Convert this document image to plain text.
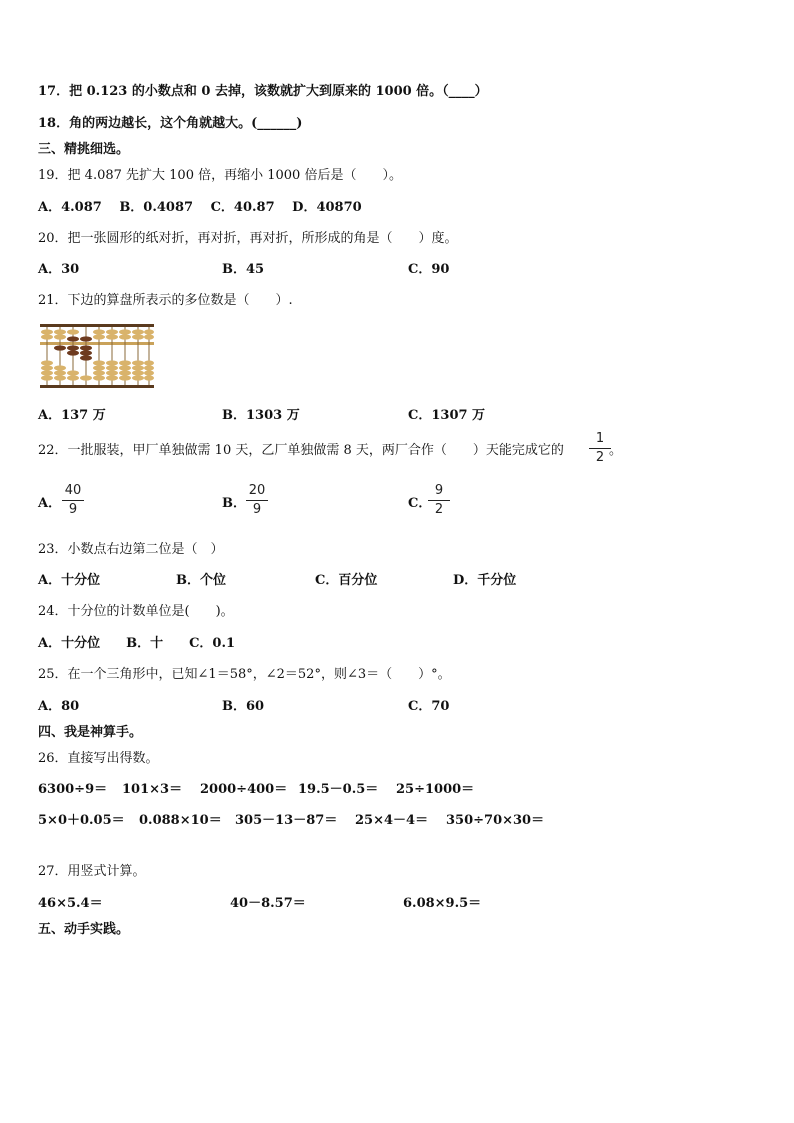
17．把 0.123 的小数点和 0 去掉，该数就扩大到原来的 1000 倍。（____）
18．角的两边越长，这个角就越大。(______)
三、精挑细选。
19．把 4.087 先扩大 100 倍，再缩小 1000 倍后是（　　）。
A．4.087　 B．0.4087　 C．40.87　 D．40870
20．把一张圆形的纸对折，再对折，再对折，所形成的角是（　　）度。
A．30	B．45	C．90
21．下边的算盘所表示的多位数是（　　）.
A．137 万	B．1303 万	C．1307 万
22．一批服装，甲厂单独做需 10 天，乙厂单独做需 8 天，两厂合作（　　）天能完成它的
1
2 。
A．
40
9	B．
20
9	C．
9
2
23．小数点右边第二位是（　）
A．十分位	B．个位	C．百分位	D．千分位
24．十分位的计数单位是(　　)。
A．十分位　　B．十　　C．0.1
25．在一个三角形中，已知∠1＝58°，∠2＝52°，则∠3＝（　　）°。
A．80	B．60	C．70
四、我是神算手。
26．直接写出得数。
6300÷9＝ 101×3＝ 2000÷400＝ 19.5－0.5＝ 25÷1000＝
5×0＋0.05＝ 0.088×10＝ 305－13－87＝ 25×4－4＝ 350÷70×30＝
27．用竖式计算。
46×5.4＝	40－8.57＝	6.08×9.5＝
五、动手实践。
